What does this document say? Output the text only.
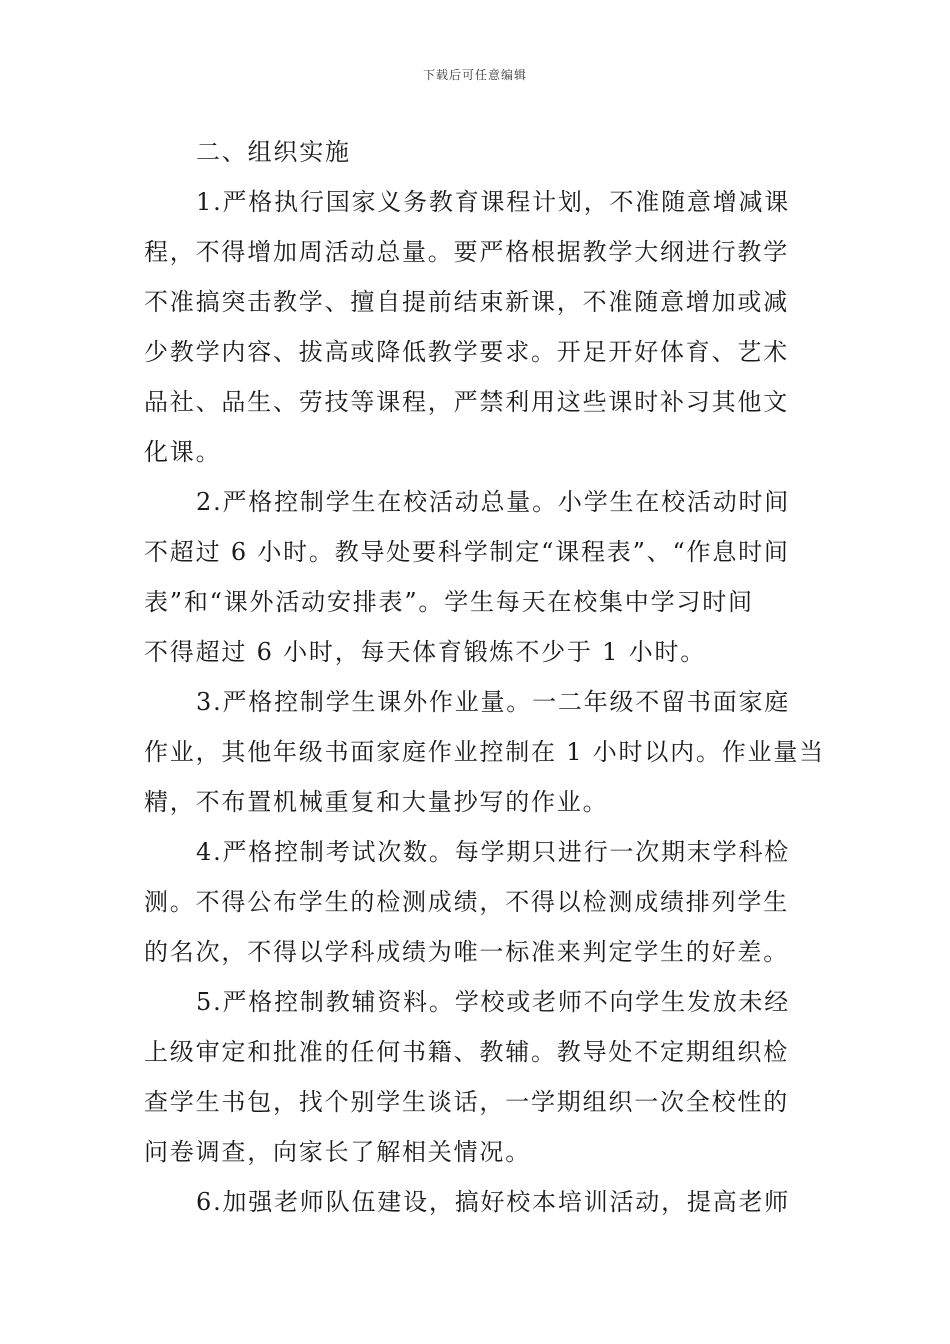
下载后可任意编辑
二、组织实施
1.严格执行国家义务教育课程计划，不准随意增减课
程，不得增加周活动总量。要严格根据教学大纲进行教学
不准搞突击教学、擅自提前结束新课，不准随意增加或减
少教学内容、拔高或降低教学要求。开足开好体育、艺术
品社、品生、劳技等课程，严禁利用这些课时补习其他文
化课。
2.严格控制学生在校活动总量。小学生在校活动时间
不超过 6 小时。教导处要科学制定“课程表”、“作息时间
表”和“课外活动安排表”。学生每天在校集中学习时间
不得超过 6 小时，每天体育锻炼不少于 1 小时。
3.严格控制学生课外作业量。一二年级不留书面家庭
作业，其他年级书面家庭作业控制在 1 小时以内。作业量当
精，不布置机械重复和大量抄写的作业。
4.严格控制考试次数。每学期只进行一次期末学科检
测。不得公布学生的检测成绩，不得以检测成绩排列学生
的名次，不得以学科成绩为唯一标准来判定学生的好差。
5.严格控制教辅资料。学校或老师不向学生发放未经
上级审定和批准的任何书籍、教辅。教导处不定期组织检
查学生书包，找个别学生谈话，一学期组织一次全校性的
问卷调查，向家长了解相关情况。
6.加强老师队伍建设，搞好校本培训活动，提高老师
